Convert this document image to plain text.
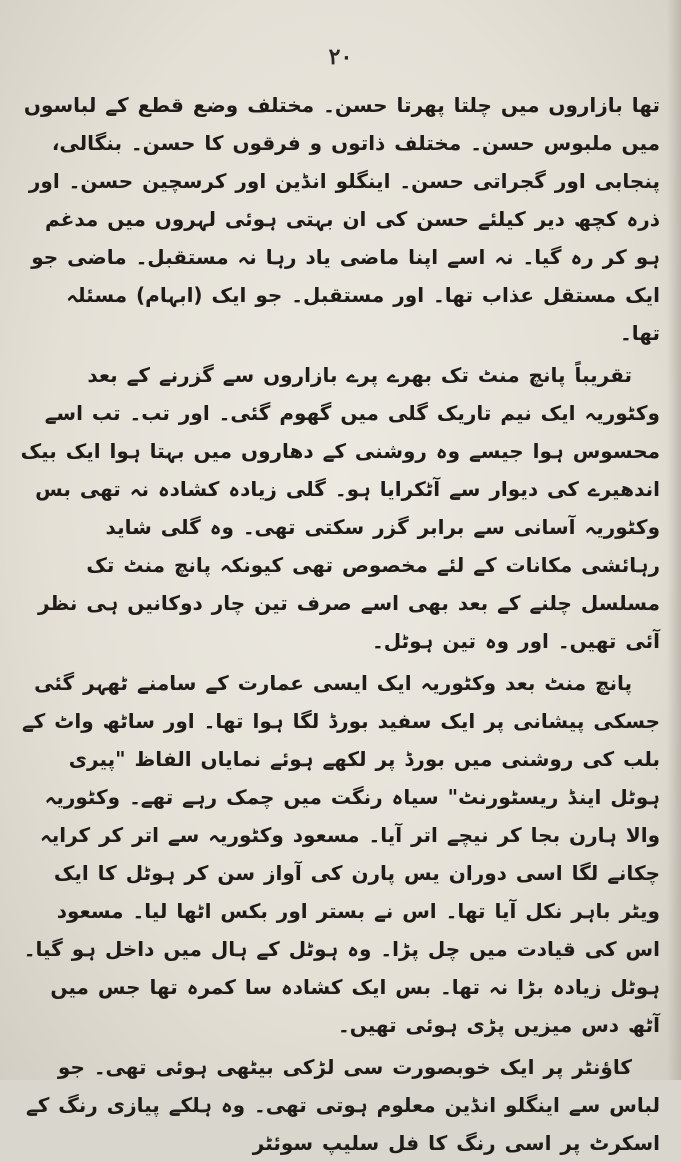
۲۰

تھا بازاروں میں چلتا پھرتا حسن۔ مختلف وضع قطع کے لباسوں میں ملبوس حسن۔ مختلف ذاتوں و فرقوں کا حسن۔ بنگالی، پنجابی اور گجراتی حسن۔ اینگلو انڈین اور کرسچین حسن۔ اور ذرہ کچھ دیر کیلئے حسن کی ان بہتی ہوئی لہروں میں مدغم ہو کر رہ گیا۔ نہ اسے اپنا ماضی یاد رہا نہ مستقبل۔ ماضی جو ایک مستقل عذاب تھا۔ اور مستقبل۔ جو ایک (ابہام) مسئلہ تھا۔

تقریباً پانچ منٹ تک بھرے پرے بازاروں سے گزرنے کے بعد وکٹوریہ ایک نیم تاریک گلی میں گھوم گئی۔ اور تب۔ تب اسے محسوس ہوا جیسے وہ روشنی کے دھاروں میں بہتا ہوا ایک بیک اندھیرے کی دیوار سے آٹکرایا ہو۔ گلی زیادہ کشادہ نہ تھی بس وکٹوریہ آسانی سے برابر گزر سکتی تھی۔ وہ گلی شاید رہائشی مکانات کے لئے مخصوص تھی کیونکہ پانچ منٹ تک مسلسل چلنے کے بعد بھی اسے صرف تین چار دوکانیں ہی نظر آئی تھیں۔ اور وہ تین ہوٹل۔

پانچ منٹ بعد وکٹوریہ ایک ایسی عمارت کے سامنے ٹھہر گئی جسکی پیشانی پر ایک سفید بورڈ لگا ہوا تھا۔ اور ساٹھ واٹ کے بلب کی روشنی میں بورڈ پر لکھے ہوئے نمایاں الفاظ "پیری ہوٹل اینڈ ریسٹورنٹ" سیاہ رنگت میں چمک رہے تھے۔ وکٹوریہ والا ہارن بجا کر نیچے اتر آیا۔ مسعود وکٹوریہ سے اتر کر کرایہ چکانے لگا اسی دوران یس پارن کی آواز سن کر ہوٹل کا ایک ویٹر باہر نکل آیا تھا۔ اس نے بستر اور بکس اٹھا لیا۔ مسعود اس کی قیادت میں چل پڑا۔ وہ ہوٹل کے ہال میں داخل ہو گیا۔ ہوٹل زیادہ بڑا نہ تھا۔ بس ایک کشادہ سا کمرہ تھا جس میں آٹھ دس میزیں پڑی ہوئی تھیں۔

کاؤنٹر پر ایک خوبصورت سی لڑکی بیٹھی ہوئی تھی۔ جو لباس سے اینگلو انڈین معلوم ہوتی تھی۔ وہ ہلکے پیازی رنگ کے اسکرٹ پر اسی رنگ کا فل سلیپ سوئٹر
